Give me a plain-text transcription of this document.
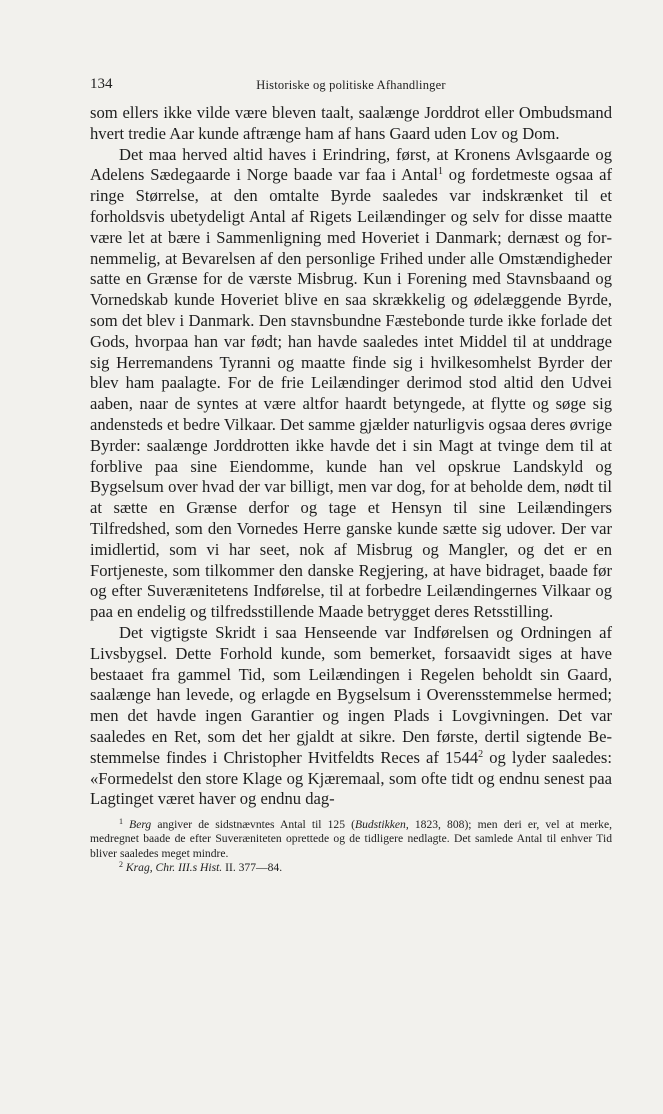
134	Historiske og politiske Afhandlinger

som ellers ikke vilde være bleven taalt, saalænge Jorddrot eller Ombudsmand hvert tredie Aar kunde aftrænge ham af hans Gaard uden Lov og Dom.

Det maa herved altid haves i Erindring, først, at Kronens Avlsgaarde og Adelens Sædegaarde i Norge baade var faa i Antal$^1$ og fordetmeste ogsaa af ringe Størrelse, at den omtalte Byrde saaledes var indskrænket til et forholdsvis ubetydeligt Antal af Rigets Leilændinger og selv for disse maatte være let at bære i Sammenligning med Hoveriet i Danmark; dernæst og fornemmelig, at Bevarelsen af den personlige Frihed under alle Omstændigheder satte en Grænse for de værste Misbrug. Kun i Forening med Stavnsbaand og Vornedskab kunde Hoveriet blive en saa skrækkelig og ødelæggende Byrde, som det blev i Danmark. Den stavnsbundne Fæstebonde turde ikke forlade det Gods, hvorpaa han var født; han havde saaledes intet Middel til at unddrage sig Herremandens Tyranni og maatte finde sig i hvilkesomhelst Byrder der blev ham paalagte. For de frie Leilændinger derimod stod altid den Udvei aaben, naar de syntes at være altfor haardt betyngede, at flytte og søge sig andensteds et bedre Vilkaar. Det samme gjælder naturligvis ogsaa deres øvrige Byrder: saalænge Jorddrotten ikke havde det i sin Magt at tvinge dem til at forblive paa sine Eiendomme, kunde han vel opskrue Landskyld og Bygselsum over hvad der var billigt, men var dog, for at beholde dem, nødt til at sætte en Grænse derfor og tage et Hensyn til sine Leilændingers Tilfredshed, som den Vornedes Herre ganske kunde sætte sig udover. Der var imidlertid, som vi har seet, nok af Misbrug og Mangler, og det er en Fortjeneste, som tilkommer den danske Regjering, at have bidraget, baade før og efter Suverænitetens Indførelse, til at forbedre Leilændingernes Vilkaar og paa en endelig og tilfredsstillende Maade betrygget deres Retsstilling.

Det vigtigste Skridt i saa Henseende var Indførelsen og Ordningen af Livsbygsel. Dette Forhold kunde, som bemerket, forsaavidt siges at have bestaaet fra gammel Tid, som Leilændingen i Regelen beholdt sin Gaard, saalænge han levede, og erlagde en Bygselsum i Overensstemmelse hermed; men det havde ingen Garantier og ingen Plads i Lovgivningen. Det var saaledes en Ret, som det her gjaldt at sikre. Den første, dertil sigtende Bestemmelse findes i Christopher Hvitfeldts Reces af 1544$^2$ og lyder saaledes: «Formedelst den store Klage og Kjæremaal, som ofte tidt og endnu senest paa Lagtinget været haver og endnu dag-

$^1$ Berg angiver de sidstnævntes Antal til 125 (Budstikken, 1823, 808); men deri er, vel at merke, medregnet baade de efter Suveræniteten oprettede og de tidligere nedlagte. Det samlede Antal til enhver Tid bliver saaledes meget mindre.

$^2$ Krag, Chr. III.s Hist. II. 377—84.
